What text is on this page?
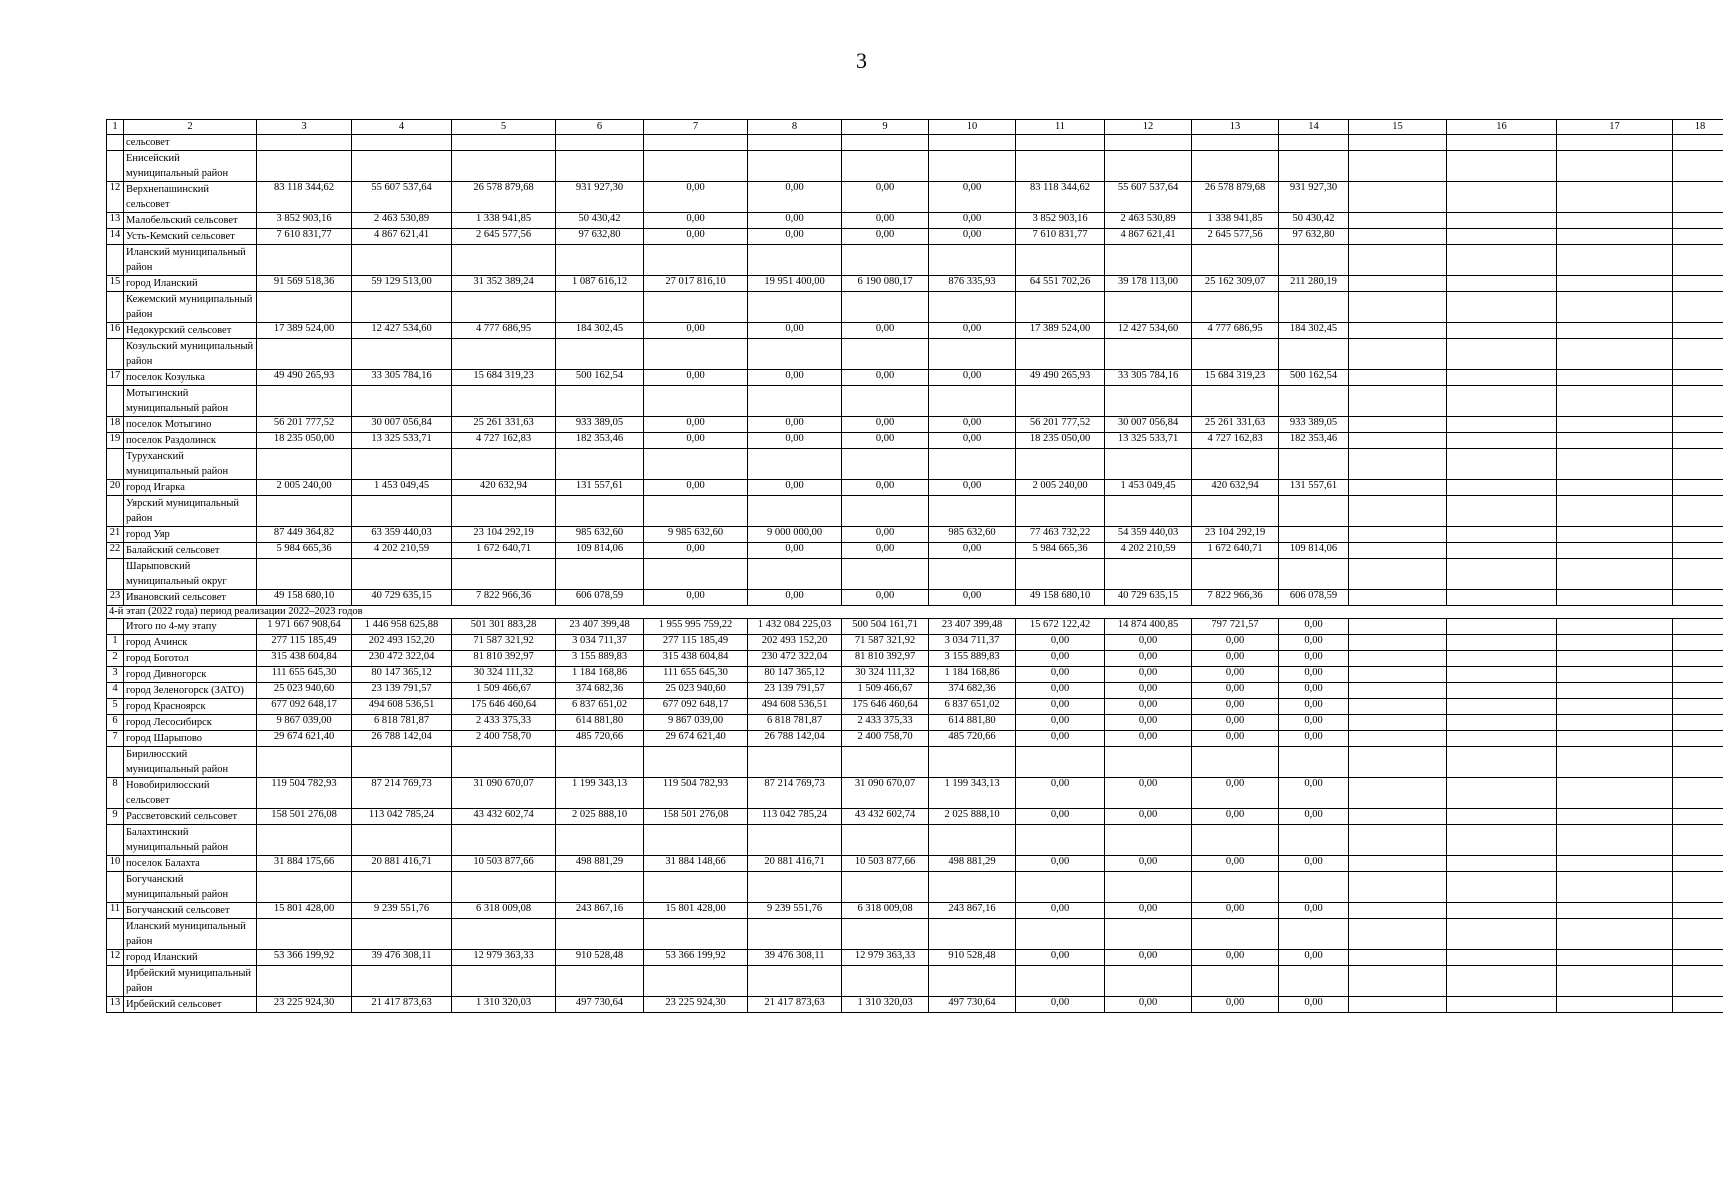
3
1	2	3	4	5	6	7	8	9	10	11	12	13	14	15	16	17	18
	сельсовет																
	Енисейский муниципальный район																
12	Верхнепашинский сельсовет	83 118 344,62	55 607 537,64	26 578 879,68	931 927,30	0,00	0,00	0,00	0,00	83 118 344,62	55 607 537,64	26 578 879,68	931 927,30				
13	Малобельский сельсовет	3 852 903,16	2 463 530,89	1 338 941,85	50 430,42	0,00	0,00	0,00	0,00	3 852 903,16	2 463 530,89	1 338 941,85	50 430,42				
14	Усть-Кемский сельсовет	7 610 831,77	4 867 621,41	2 645 577,56	97 632,80	0,00	0,00	0,00	0,00	7 610 831,77	4 867 621,41	2 645 577,56	97 632,80				
	Иланский муниципальный район																
15	город Иланский	91 569 518,36	59 129 513,00	31 352 389,24	1 087 616,12	27 017 816,10	19 951 400,00	6 190 080,17	876 335,93	64 551 702,26	39 178 113,00	25 162 309,07	211 280,19				
	Кежемский муниципальный район																
16	Недокурский сельсовет	17 389 524,00	12 427 534,60	4 777 686,95	184 302,45	0,00	0,00	0,00	0,00	17 389 524,00	12 427 534,60	4 777 686,95	184 302,45				
	Козульский муниципальный район																
17	поселок Козулька	49 490 265,93	33 305 784,16	15 684 319,23	500 162,54	0,00	0,00	0,00	0,00	49 490 265,93	33 305 784,16	15 684 319,23	500 162,54				
	Мотыгинский муниципальный район																
18	поселок Мотыгино	56 201 777,52	30 007 056,84	25 261 331,63	933 389,05	0,00	0,00	0,00	0,00	56 201 777,52	30 007 056,84	25 261 331,63	933 389,05				
19	поселок Раздолинск	18 235 050,00	13 325 533,71	4 727 162,83	182 353,46	0,00	0,00	0,00	0,00	18 235 050,00	13 325 533,71	4 727 162,83	182 353,46				
	Туруханский муниципальный район																
20	город Игарка	2 005 240,00	1 453 049,45	420 632,94	131 557,61	0,00	0,00	0,00	0,00	2 005 240,00	1 453 049,45	420 632,94	131 557,61				
	Уярский муниципальный район																
21	город Уяр	87 449 364,82	63 359 440,03	23 104 292,19	985 632,60	9 985 632,60	9 000 000,00	0,00	985 632,60	77 463 732,22	54 359 440,03	23 104 292,19					
22	Балайский сельсовет	5 984 665,36	4 202 210,59	1 672 640,71	109 814,06	0,00	0,00	0,00	0,00	5 984 665,36	4 202 210,59	1 672 640,71	109 814,06				
	Шарыповский муниципальный округ																
23	Ивановский сельсовет	49 158 680,10	40 729 635,15	7 822 966,36	606 078,59	0,00	0,00	0,00	0,00	49 158 680,10	40 729 635,15	7 822 966,36	606 078,59				
4-й этап (2022 года) период реализации 2022–2023 годов																	
	Итого по 4-му этапу	1 971 667 908,64	1 446 958 625,88	501 301 883,28	23 407 399,48	1 955 995 759,22	1 432 084 225,03	500 504 161,71	23 407 399,48	15 672 122,42	14 874 400,85	797 721,57	0,00				
1	город Ачинск	277 115 185,49	202 493 152,20	71 587 321,92	3 034 711,37	277 115 185,49	202 493 152,20	71 587 321,92	3 034 711,37	0,00	0,00	0,00	0,00				
2	город Боготол	315 438 604,84	230 472 322,04	81 810 392,97	3 155 889,83	315 438 604,84	230 472 322,04	81 810 392,97	3 155 889,83	0,00	0,00	0,00	0,00				
3	город Дивногорск	111 655 645,30	80 147 365,12	30 324 111,32	1 184 168,86	111 655 645,30	80 147 365,12	30 324 111,32	1 184 168,86	0,00	0,00	0,00	0,00				
4	город Зеленогорск (ЗАТО)	25 023 940,60	23 139 791,57	1 509 466,67	374 682,36	25 023 940,60	23 139 791,57	1 509 466,67	374 682,36	0,00	0,00	0,00	0,00				
5	город Красноярск	677 092 648,17	494 608 536,51	175 646 460,64	6 837 651,02	677 092 648,17	494 608 536,51	175 646 460,64	6 837 651,02	0,00	0,00	0,00	0,00				
6	город Лесосибирск	9 867 039,00	6 818 781,87	2 433 375,33	614 881,80	9 867 039,00	6 818 781,87	2 433 375,33	614 881,80	0,00	0,00	0,00	0,00				
7	город Шарыпово	29 674 621,40	26 788 142,04	2 400 758,70	485 720,66	29 674 621,40	26 788 142,04	2 400 758,70	485 720,66	0,00	0,00	0,00	0,00				
	Бирилюсский муниципальный район																
8	Новобирилюсский сельсовет	119 504 782,93	87 214 769,73	31 090 670,07	1 199 343,13	119 504 782,93	87 214 769,73	31 090 670,07	1 199 343,13	0,00	0,00	0,00	0,00				
9	Рассветовский сельсовет	158 501 276,08	113 042 785,24	43 432 602,74	2 025 888,10	158 501 276,08	113 042 785,24	43 432 602,74	2 025 888,10	0,00	0,00	0,00	0,00				
	Балахтинский муниципальный район																
10	поселок Балахта	31 884 175,66	20 881 416,71	10 503 877,66	498 881,29	31 884 148,66	20 881 416,71	10 503 877,66	498 881,29	0,00	0,00	0,00	0,00				
	Богучанский муниципальный район																
11	Богучанский сельсовет	15 801 428,00	9 239 551,76	6 318 009,08	243 867,16	15 801 428,00	9 239 551,76	6 318 009,08	243 867,16	0,00	0,00	0,00	0,00				
	Иланский муниципальный район																
12	город Иланский	53 366 199,92	39 476 308,11	12 979 363,33	910 528,48	53 366 199,92	39 476 308,11	12 979 363,33	910 528,48	0,00	0,00	0,00	0,00				
	Ирбейский муниципальный район																
13	Ирбейский сельсовет	23 225 924,30	21 417 873,63	1 310 320,03	497 730,64	23 225 924,30	21 417 873,63	1 310 320,03	497 730,64	0,00	0,00	0,00	0,00				
